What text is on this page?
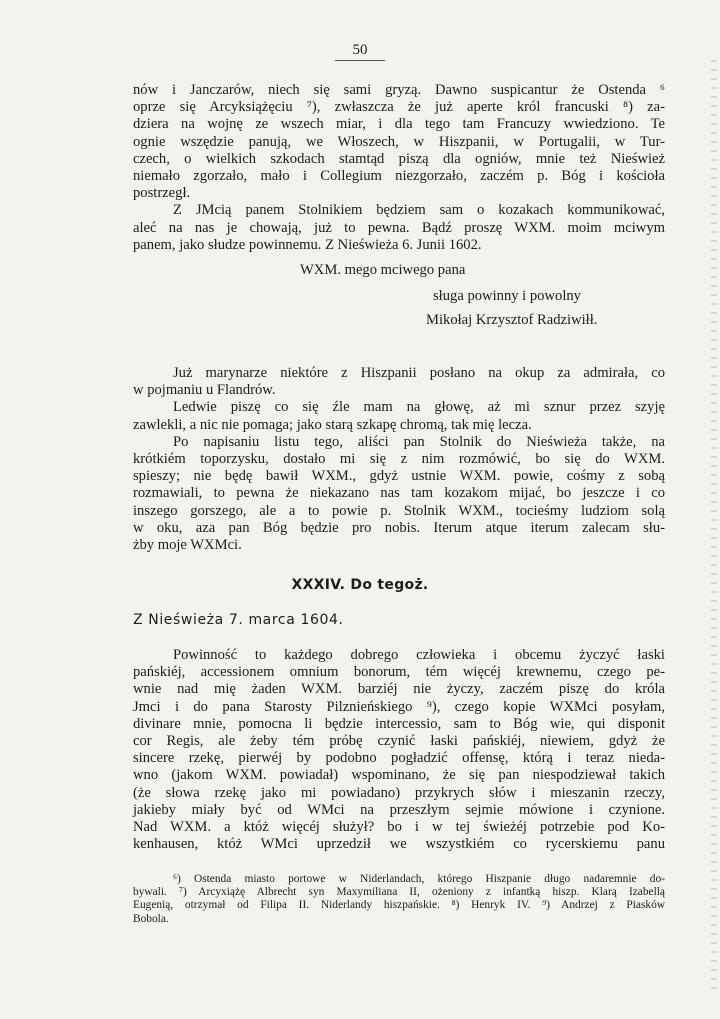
50
nów i Janczarów, niech się sami gryzą. Dawno suspicantur że Ostenda ⁶
oprze się Arcyksiążęciu ⁷), zwłaszcza że już aperte król francuski ⁸) za-
dziera na wojnę ze wszech miar, i dla tego tam Francuzy wwiedziono. Te
ognie wszędzie panują, we Włoszech, w Hiszpanii, w Portugalii, w Tur-
czech, o wielkich szkodach stamtąd piszą dla ogniów, mnie też Nieśwież
niemało zgorzało, mało i Collegium niezgorzało, zaczém p. Bóg i kościoła
postrzegł.
Z JMcią panem Stolnikiem będziem sam o kozakach kommunikować,
aleć na nas je chowają, już to pewna. Bądź proszę WXM. moim mciwym
panem, jako słudze powinnemu. Z Nieświeża 6. Junii 1602.
WXM. mego mciwego pana
sługa powinny i powolny
Mikołaj Krzysztof Radziwiłł.
Już marynarze niektóre z Hiszpanii posłano na okup za admirała, co
w pojmaniu u Flandrów.
Ledwie piszę co się źle mam na głowę, aż mi sznur przez szyję
zawlekli, a nic nie pomaga; jako starą szkapę chromą, tak mię lecza.
Po napisaniu listu tego, aliści pan Stolnik do Nieświeża także, na
krótkiém toporzysku, dostało mi się z nim rozmówić, bo się do WXM.
spieszy; nie będę bawił WXM., gdyż ustnie WXM. powie, cośmy z sobą
rozmawiali, to pewna że niekazano nas tam kozakom mijać, bo jeszcze i co
inszego gorszego, ale a to powie p. Stolnik WXM., tocieśmy ludziom solą
w oku, aza pan Bóg będzie pro nobis. Iterum atque iterum zalecam słu-
żby moje WXMci.
XXXIV. Do tegoż.
Z Nieświeża 7. marca 1604.
Powinność to każdego dobrego człowieka i obcemu życzyć łaski
pańskiéj, accessionem omnium bonorum, tém więcéj krewnemu, czego pe-
wnie nad mię żaden WXM. barziéj nie życzy, zaczém piszę do króla
Jmci i do pana Starosty Pilznieńskiego ⁹), czego kopie WXMci posyłam,
divinare mnie, pomocna li będzie intercessio, sam to Bóg wie, qui disponit
cor Regis, ale żeby tém próbę czynić łaski pańskiéj, niewiem, gdyż że
sincere rzekę, pierwéj by podobno pogładzić offensę, którą i teraz nieda-
wno (jakom WXM. powiadał) wspominano, że się pan niespodziewał takich
(że słowa rzekę jako mi powiadano) przykrych słów i mieszanin rzeczy,
jakieby miały być od WMci na przeszłym sejmie mówione i czynione.
Nad WXM. a któż więcéj służył? bo i w tej świeżéj potrzebie pod Ko-
kenhausen, któż WMci uprzedził we wszystkiém co rycerskiemu panu
⁶) Ostenda miasto portowe w Niderlandach, którego Hiszpanie długo nadaremnie do-
bywali. ⁷) Arcyxiążę Albrecht syn Maxymiliana II, ożeniony z infantką hiszp. Klarą Izabellą
Eugenią, otrzymał od Filipa II. Niderlandy hiszpańskie. ⁸) Henryk IV. ⁹) Andrzej z Piasków
Bobola.
